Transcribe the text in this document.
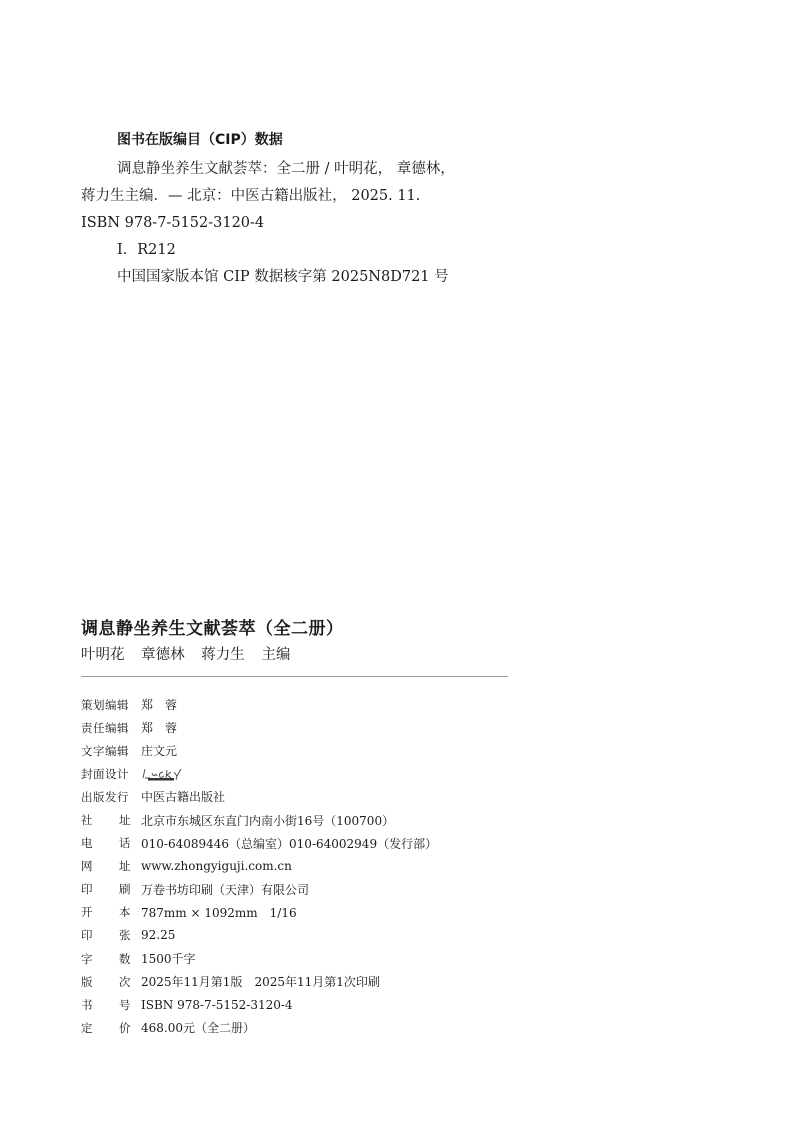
图书在版编目（CIP）数据
调息静坐养生文献荟萃：全二册 / 叶明花， 章德林，
蒋力生主编．— 北京：中医古籍出版社， 2025. 11.
ISBN 978-7-5152-3120-4
Ⅰ．R212
中国国家版本馆 CIP 数据核字第 2025N8D721 号
调息静坐养生文献荟萃（全二册）
叶明花 章德林 蒋力生 主编
策划编辑	郑　蓉
责任编辑	郑　蓉
文字编辑	庄文元
封面设计
出版发行	中医古籍出版社
社 址 北京市东城区东直门内南小街16号（100700）
电 话 010-64089446（总编室）010-64002949（发行部）
网 址 www.zhongyiguji.com.cn
印 刷 万卷书坊印刷（天津）有限公司
开 本 787mm × 1092mm　1/16
印 张 92.25
字 数 1500千字
版 次 2025年11月第1版　2025年11月第1次印刷
书 号 ISBN 978-7-5152-3120-4
定 价 468.00元（全二册）
